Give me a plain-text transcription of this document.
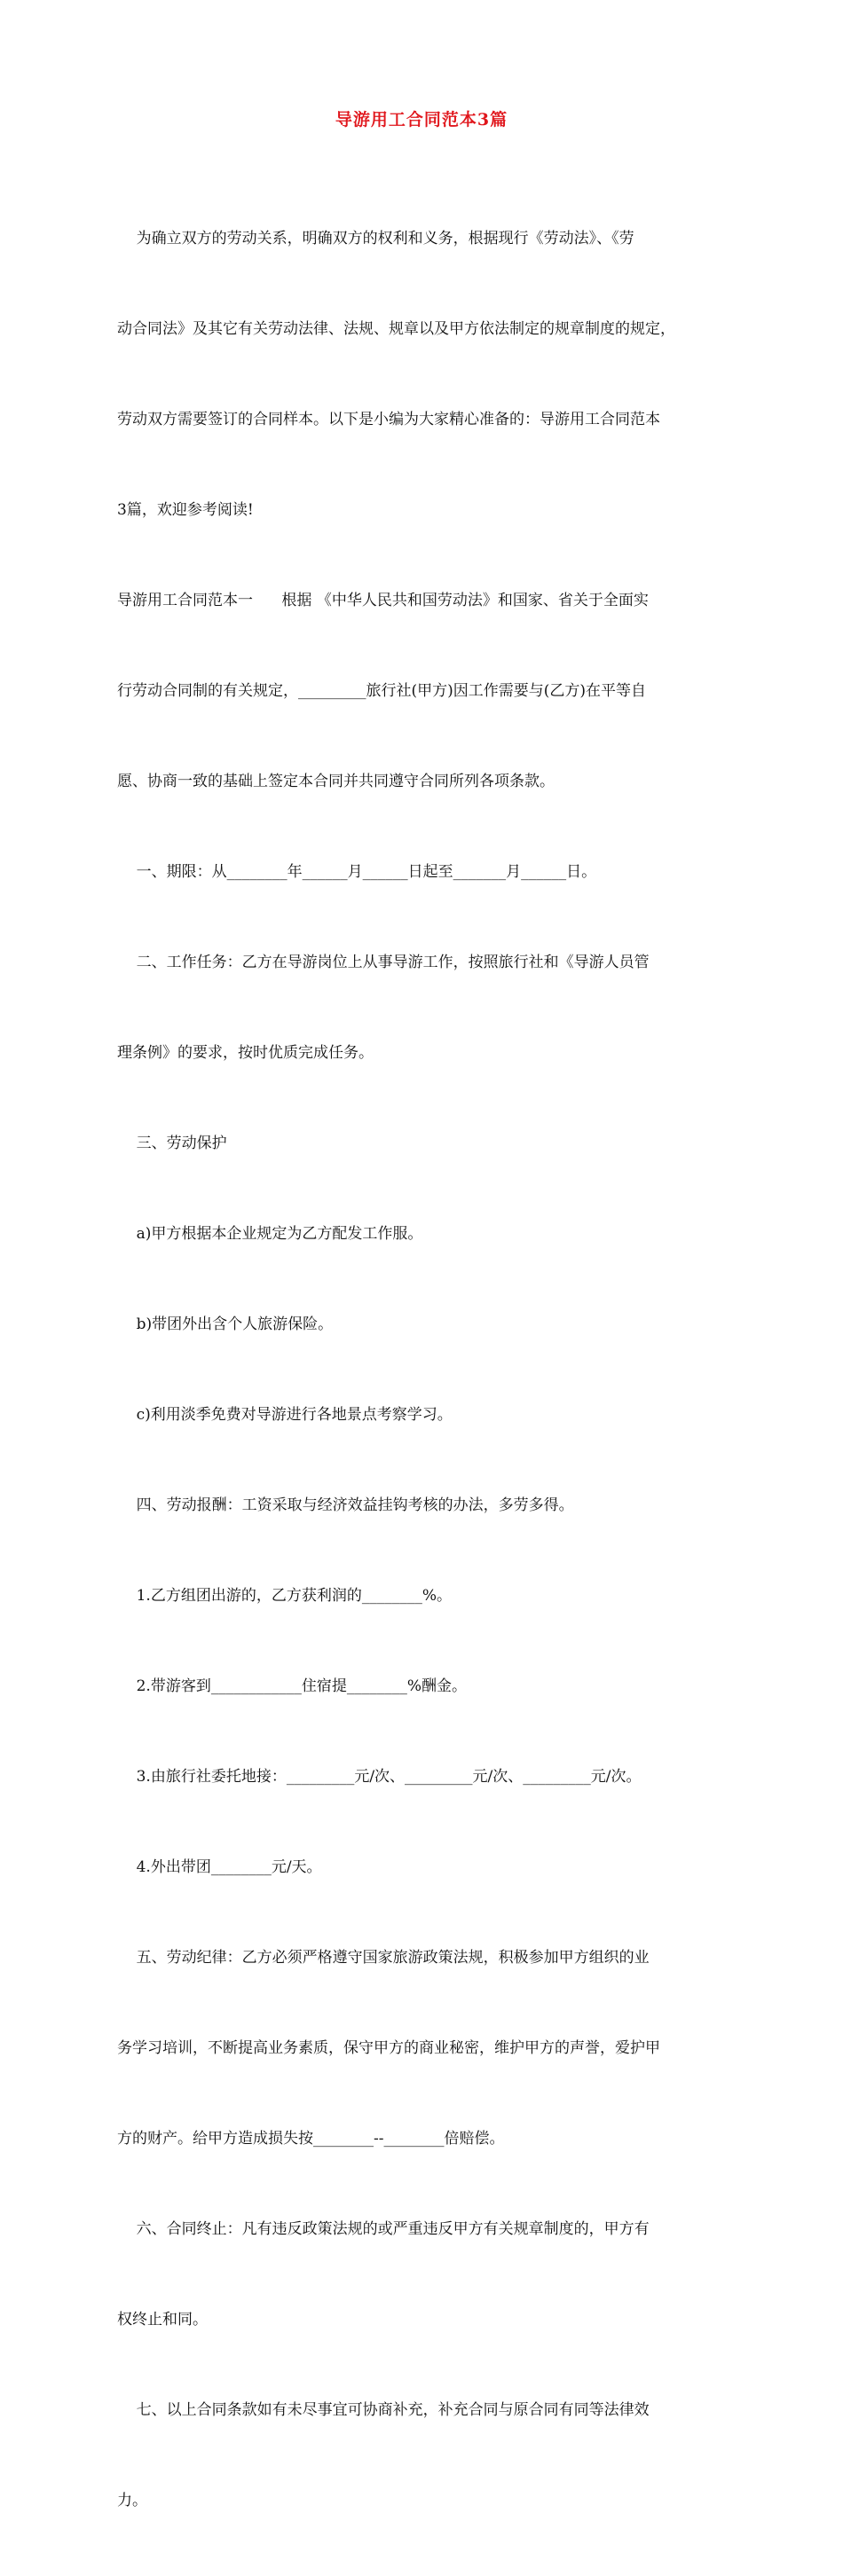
导游用工合同范本3篇

为确立双方的劳动关系，明确双方的权利和义务，根据现行《劳动法》、《劳

动合同法》及其它有关劳动法律、法规、规章以及甲方依法制定的规章制度的规定，

劳动双方需要签订的合同样本。以下是小编为大家精心准备的：导游用工合同范本

3篇，欢迎参考阅读!

导游用工合同范本一      根据 《中华人民共和国劳动法》和国家、省关于全面实

行劳动合同制的有关规定，_________旅行社(甲方)因工作需要与(乙方)在平等自

愿、协商一致的基础上签定本合同并共同遵守合同所列各项条款。

一、期限：从________年______月______日起至_______月______日。

二、工作任务：乙方在导游岗位上从事导游工作，按照旅行社和《导游人员管

理条例》的要求，按时优质完成任务。

三、劳动保护

a)甲方根据本企业规定为乙方配发工作服。

b)带团外出含个人旅游保险。

c)利用淡季免费对导游进行各地景点考察学习。

四、劳动报酬：工资采取与经济效益挂钩考核的办法，多劳多得。

1.乙方组团出游的，乙方获利润的________%。

2.带游客到____________住宿提________%酬金。

3.由旅行社委托地接：_________元/次、_________元/次、_________元/次。

4.外出带团________元/天。

五、劳动纪律：乙方必须严格遵守国家旅游政策法规，积极参加甲方组织的业

务学习培训，不断提高业务素质，保守甲方的商业秘密，维护甲方的声誉，爱护甲

方的财产。给甲方造成损失按________--________倍赔偿。

六、合同终止：凡有违反政策法规的或严重违反甲方有关规章制度的，甲方有

权终止和同。

七、以上合同条款如有未尽事宜可协商补充，补充合同与原合同有同等法律效

力。
